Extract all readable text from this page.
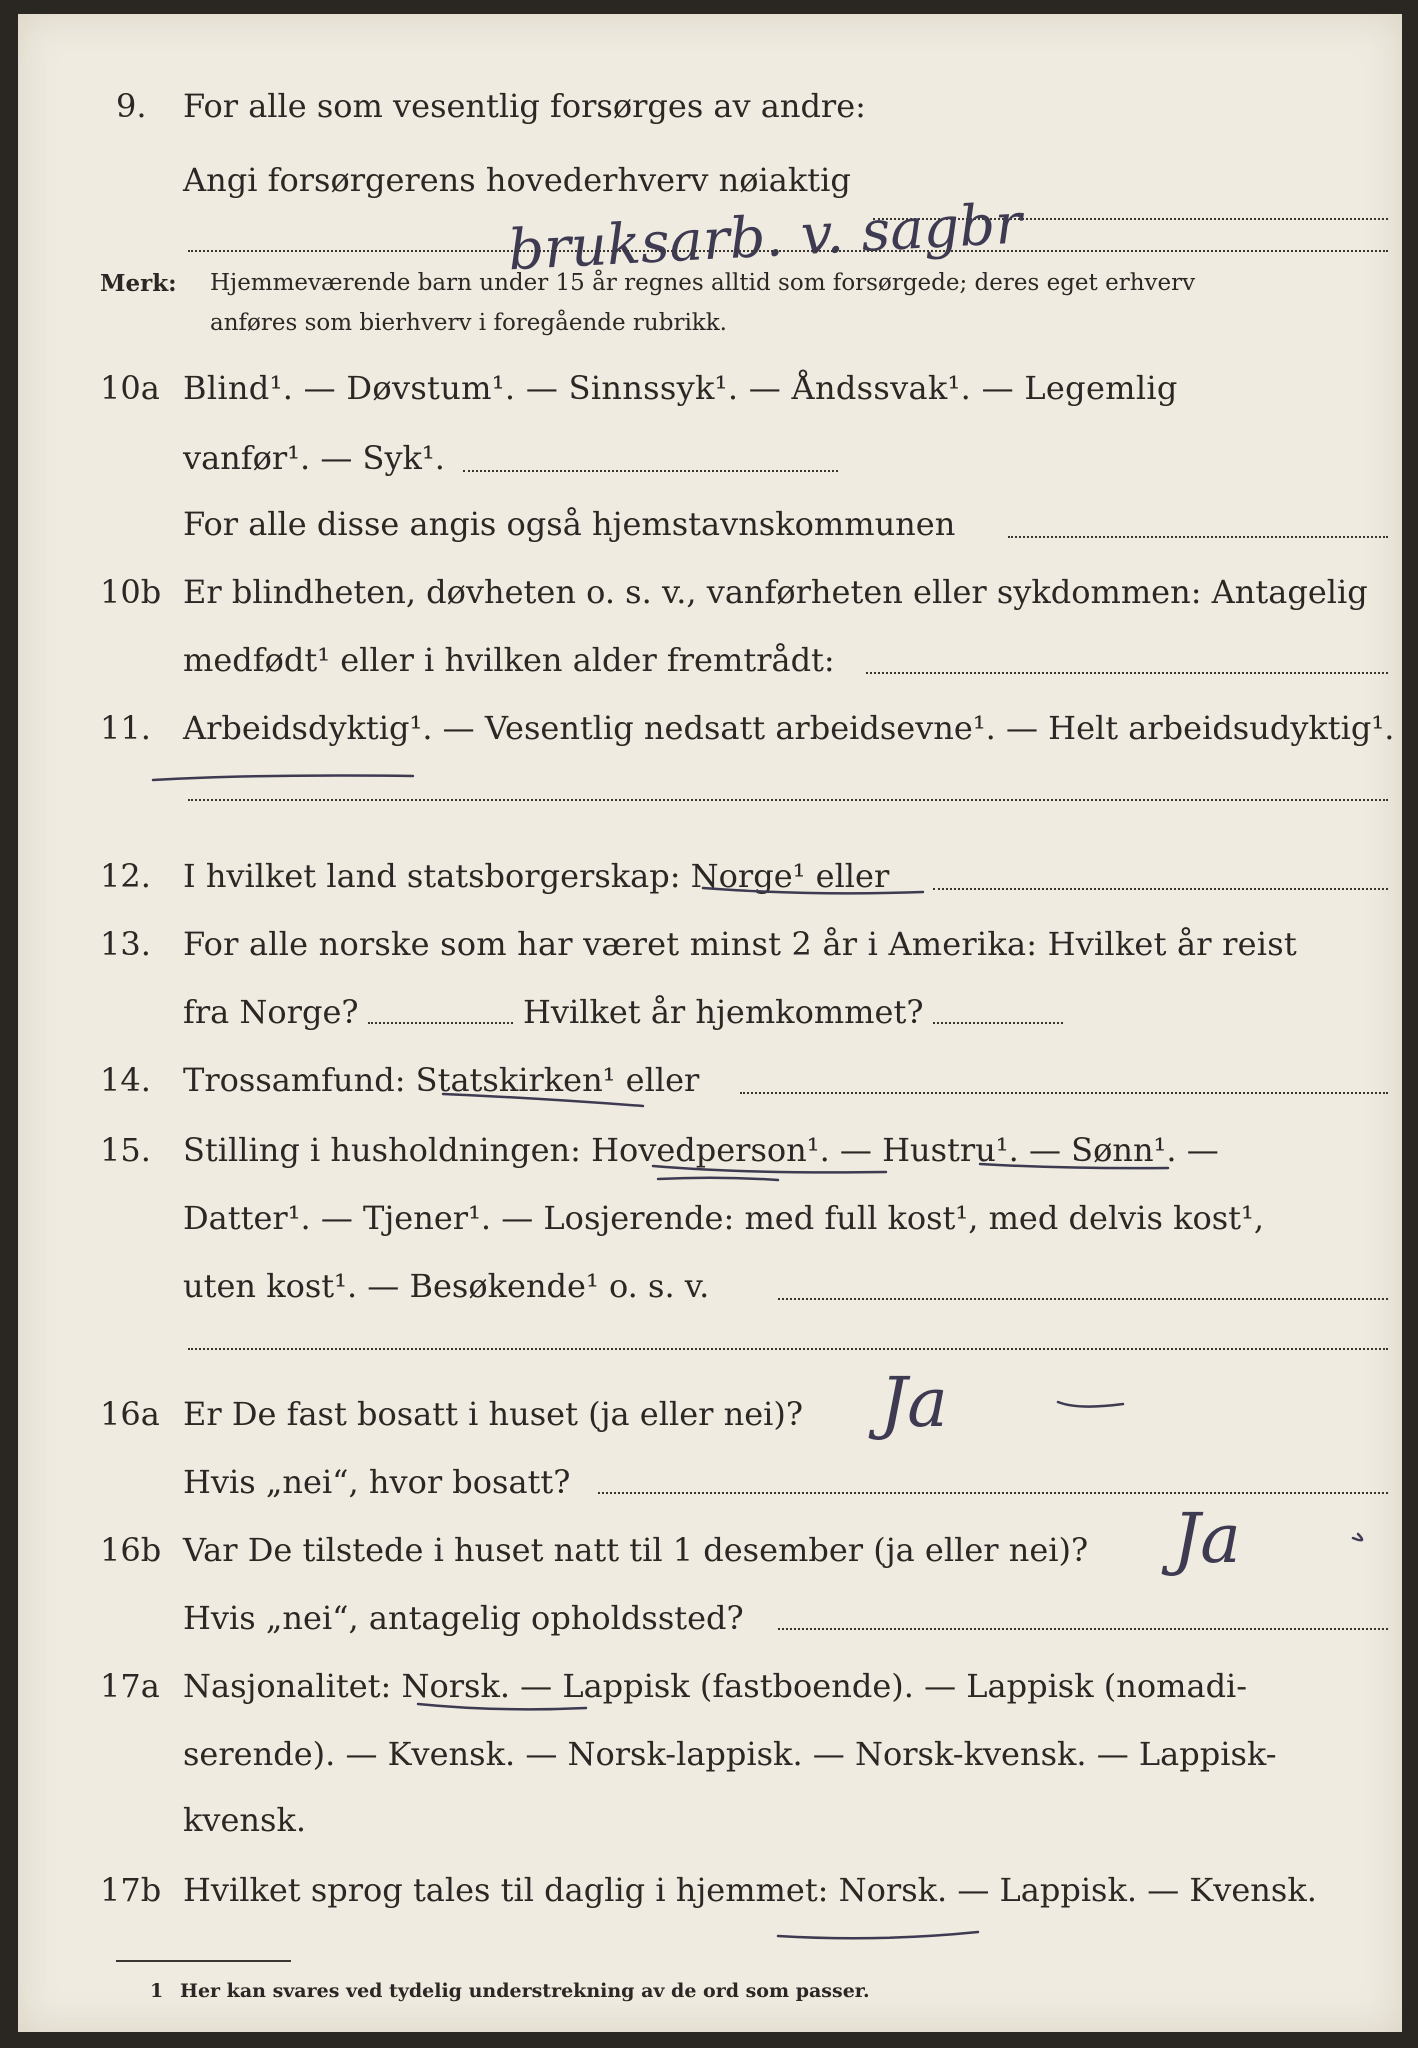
9. For alle som vesentlig forsørges av andre:
Angi forsørgerens hovederhverv nøiaktig
bruksarb. v. sagbr
Merk: Hjemmeværende barn under 15 år regnes alltid som forsørgede; deres eget erhverv
anføres som bierhverv i foregående rubrikk.
10a Blind¹. — Døvstum¹. — Sinnssyk¹. — Åndssvak¹. — Legemlig
vanfør¹. — Syk¹.
For alle disse angis også hjemstavnskommunen
10b Er blindheten, døvheten o. s. v., vanførheten eller sykdommen: Antagelig
medfødt¹ eller i hvilken alder fremtrådt:
11. Arbeidsdyktig¹. — Vesentlig nedsatt arbeidsevne¹. — Helt arbeidsudyktig¹.
12. I hvilket land statsborgerskap: Norge¹ eller
13. For alle norske som har været minst 2 år i Amerika: Hvilket år reist
fra Norge?	Hvilket år hjemkommet?
14. Trossamfund: Statskirken¹ eller
15. Stilling i husholdningen: Hovedperson¹. — Hustru¹. — Sønn¹. —
Datter¹. — Tjener¹. — Losjerende: med full kost¹, med delvis kost¹,
uten kost¹. — Besøkende¹ o. s. v.
16a Er De fast bosatt i huset (ja eller nei)? Ja
Hvis „nei“, hvor bosatt?
16b Var De tilstede i huset natt til 1 desember (ja eller nei)? Ja
Hvis „nei“, antagelig opholdssted?
17a Nasjonalitet: Norsk. — Lappisk (fastboende). — Lappisk (nomadi-
serende). — Kvensk. — Norsk-lappisk. — Norsk-kvensk. — Lappisk-
kvensk.
17b Hvilket sprog tales til daglig i hjemmet: Norsk. — Lappisk. — Kvensk.
1 Her kan svares ved tydelig understrekning av de ord som passer.
